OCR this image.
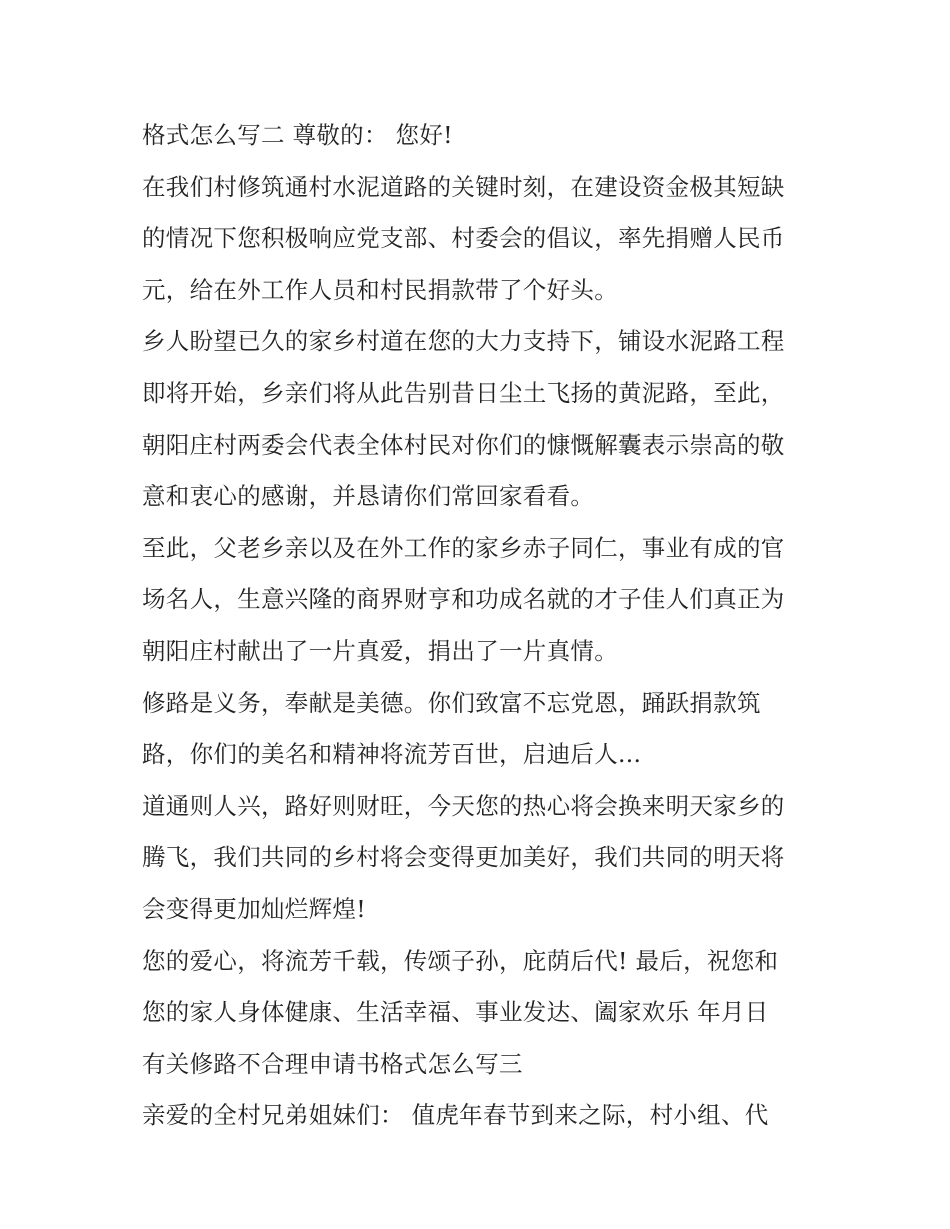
格式怎么写二 尊敬的： 您好!
在我们村修筑通村水泥道路的关键时刻，在建设资金极其短缺
的情况下您积极响应党支部、村委会的倡议，率先捐赠人民币
元，给在外工作人员和村民捐款带了个好头。
乡人盼望已久的家乡村道在您的大力支持下，铺设水泥路工程
即将开始，乡亲们将从此告别昔日尘土飞扬的黄泥路，至此，
朝阳庄村两委会代表全体村民对你们的慷慨解囊表示崇高的敬
意和衷心的感谢，并恳请你们常回家看看。
至此，父老乡亲以及在外工作的家乡赤子同仁，事业有成的官
场名人，生意兴隆的商界财亨和功成名就的才子佳人们真正为
朝阳庄村献出了一片真爱，捐出了一片真情。
修路是义务，奉献是美德。你们致富不忘党恩，踊跃捐款筑
路，你们的美名和精神将流芳百世，启迪后人...
道通则人兴，路好则财旺，今天您的热心将会换来明天家乡的
腾飞，我们共同的乡村将会变得更加美好，我们共同的明天将
会变得更加灿烂辉煌!
您的爱心，将流芳千载，传颂子孙，庇荫后代! 最后，祝您和
您的家人身体健康、生活幸福、事业发达、阖家欢乐 年月日
有关修路不合理申请书格式怎么写三
亲爱的全村兄弟姐妹们： 值虎年春节到来之际，村小组、代
